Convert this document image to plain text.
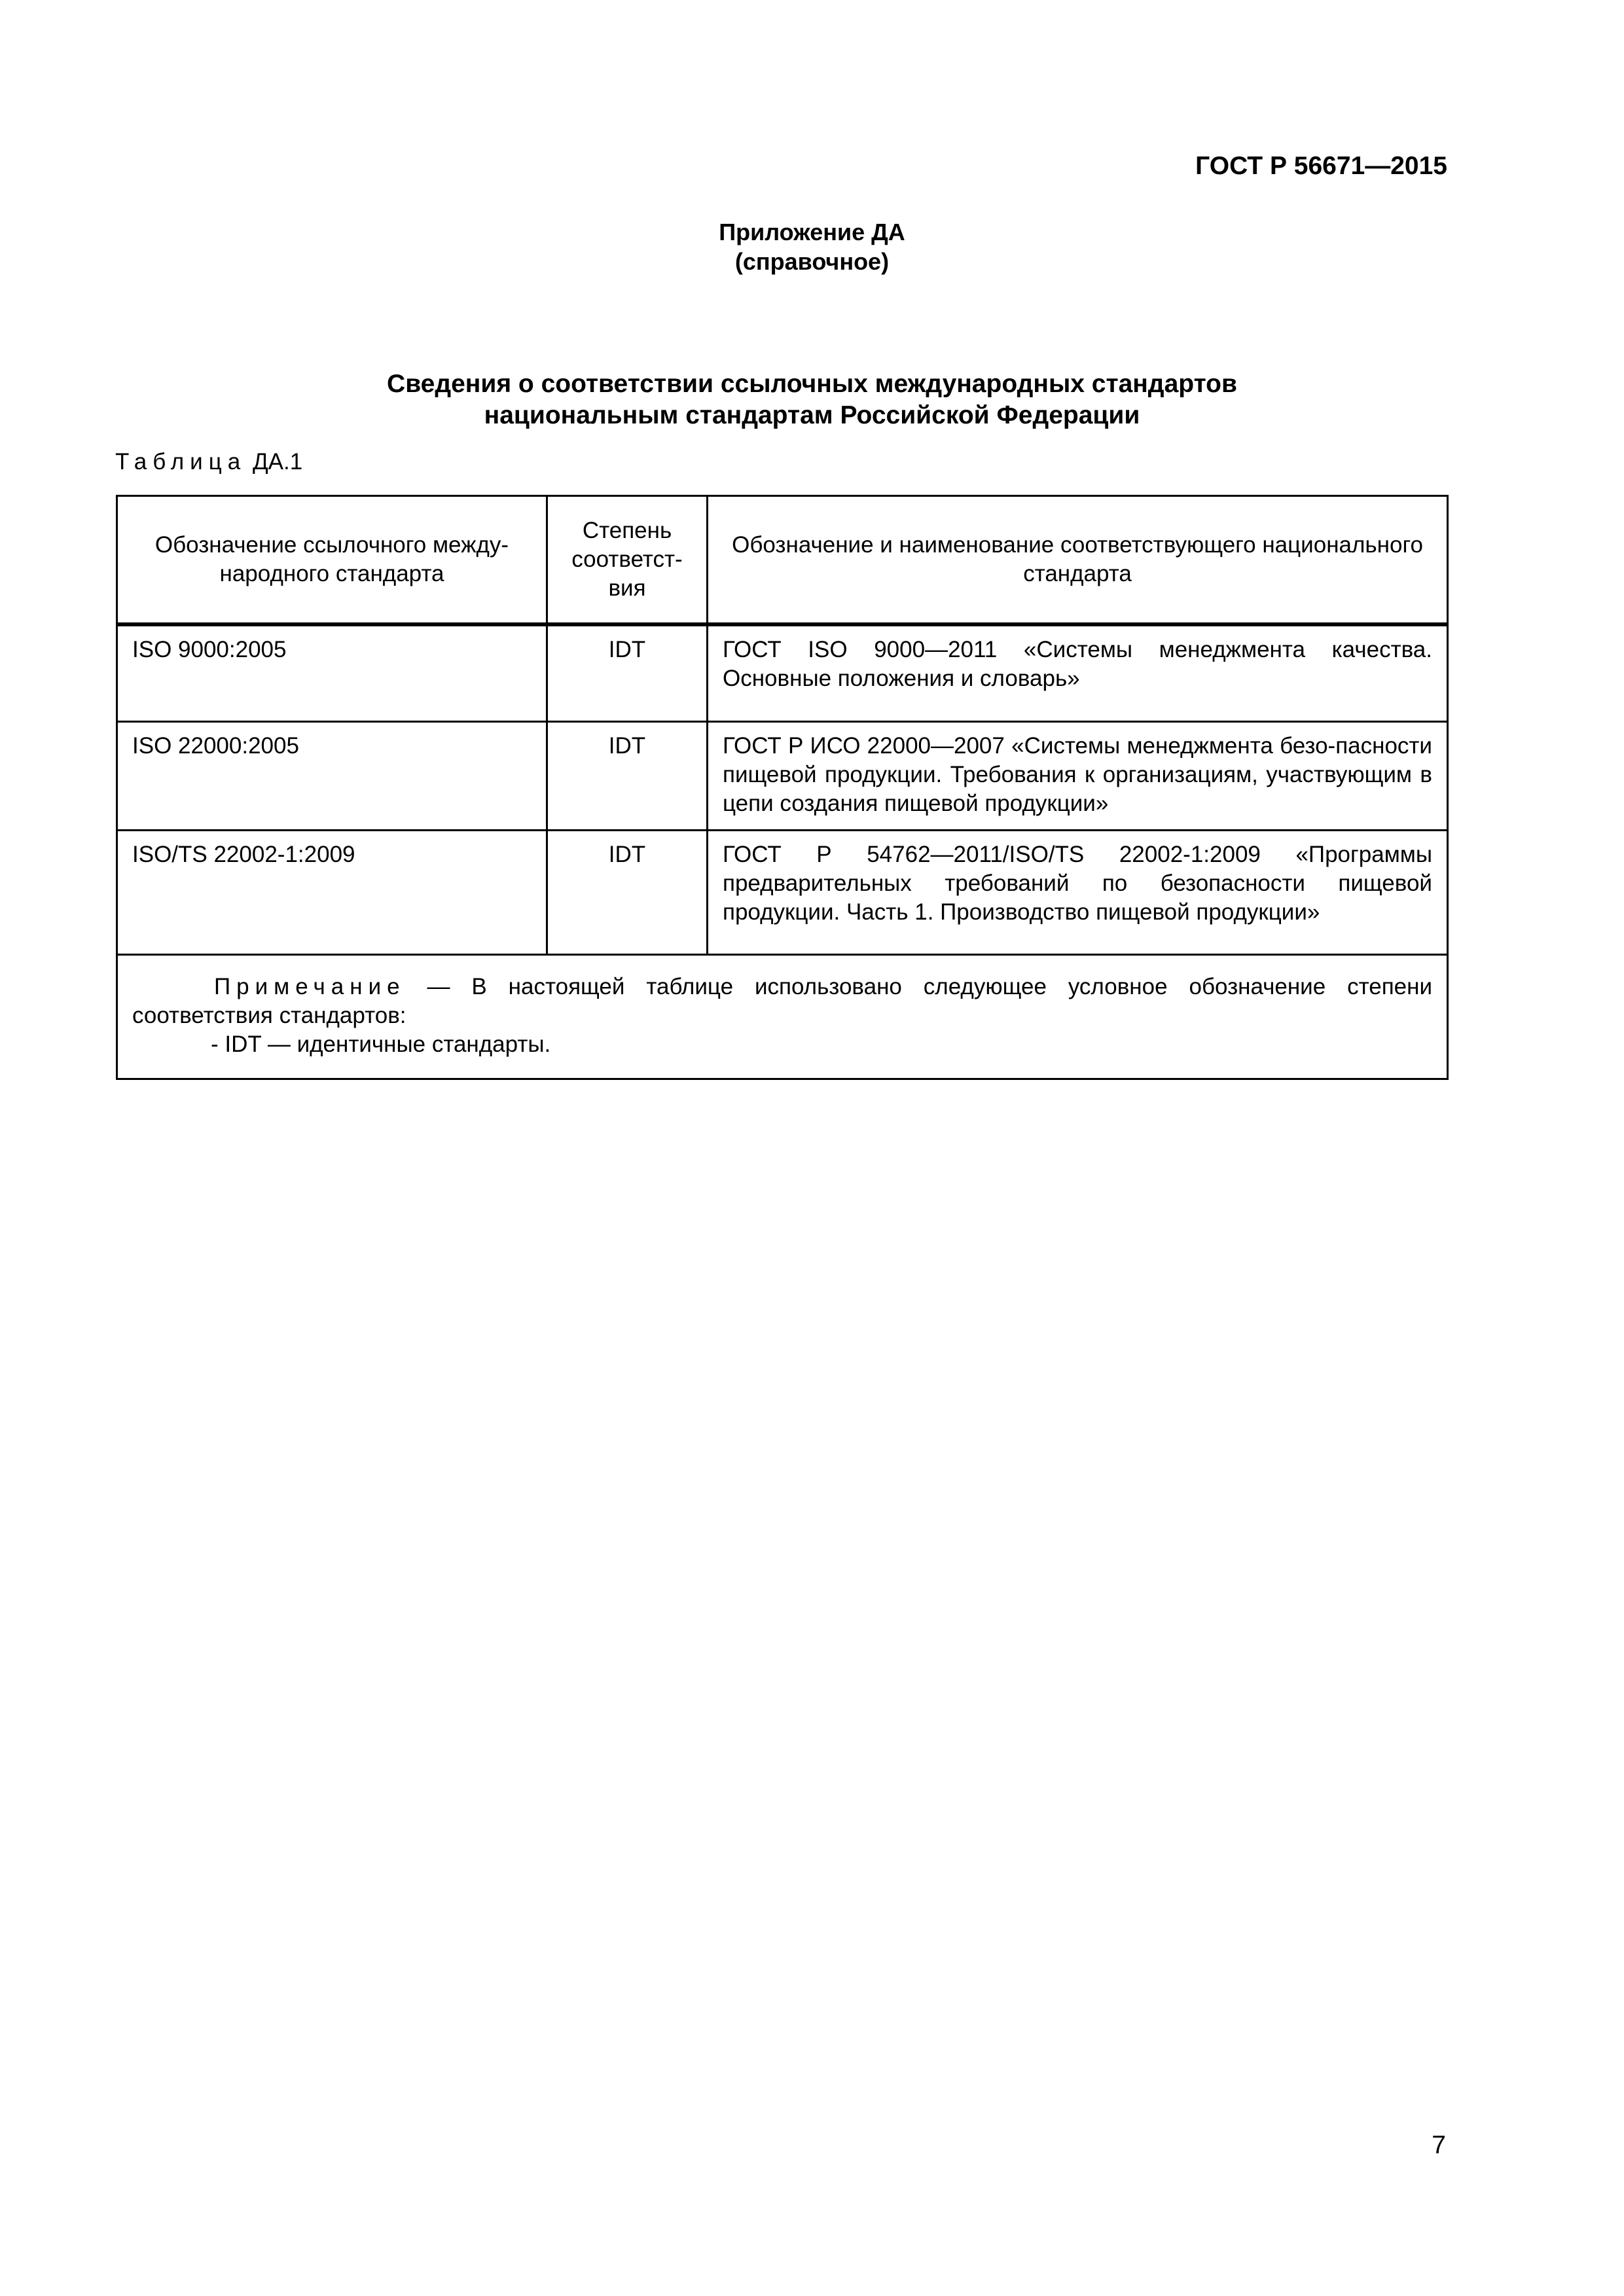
ГОСТ Р 56671—2015
Приложение ДА
(справочное)
Сведения о соответствии ссылочных международных стандартов
национальным стандартам Российской Федерации
Таблица ДА.1
Обозначение ссылочного между-народного стандарта	Степень соответст-вия	Обозначение и наименование соответствующего национального стандарта
ISO 9000:2005	IDT	ГОСТ ISO 9000—2011 «Системы менеджмента качества. Основные положения и словарь»
ISO 22000:2005	IDT	ГОСТ Р ИСО 22000—2007 «Системы менеджмента безо-пасности пищевой продукции. Требования к организациям, участвующим в цепи создания пищевой продукции»
ISO/TS 22002-1:2009	IDT	ГОСТ Р 54762—2011/ISO/TS 22002-1:2009 «Программы предварительных требований по безопасности пищевой продукции. Часть 1. Производство пищевой продукции»

Примечание — В настоящей таблице использовано следующее условное обозначение степени соответствия стандартов:
- IDT — идентичные стандарты.		
7
